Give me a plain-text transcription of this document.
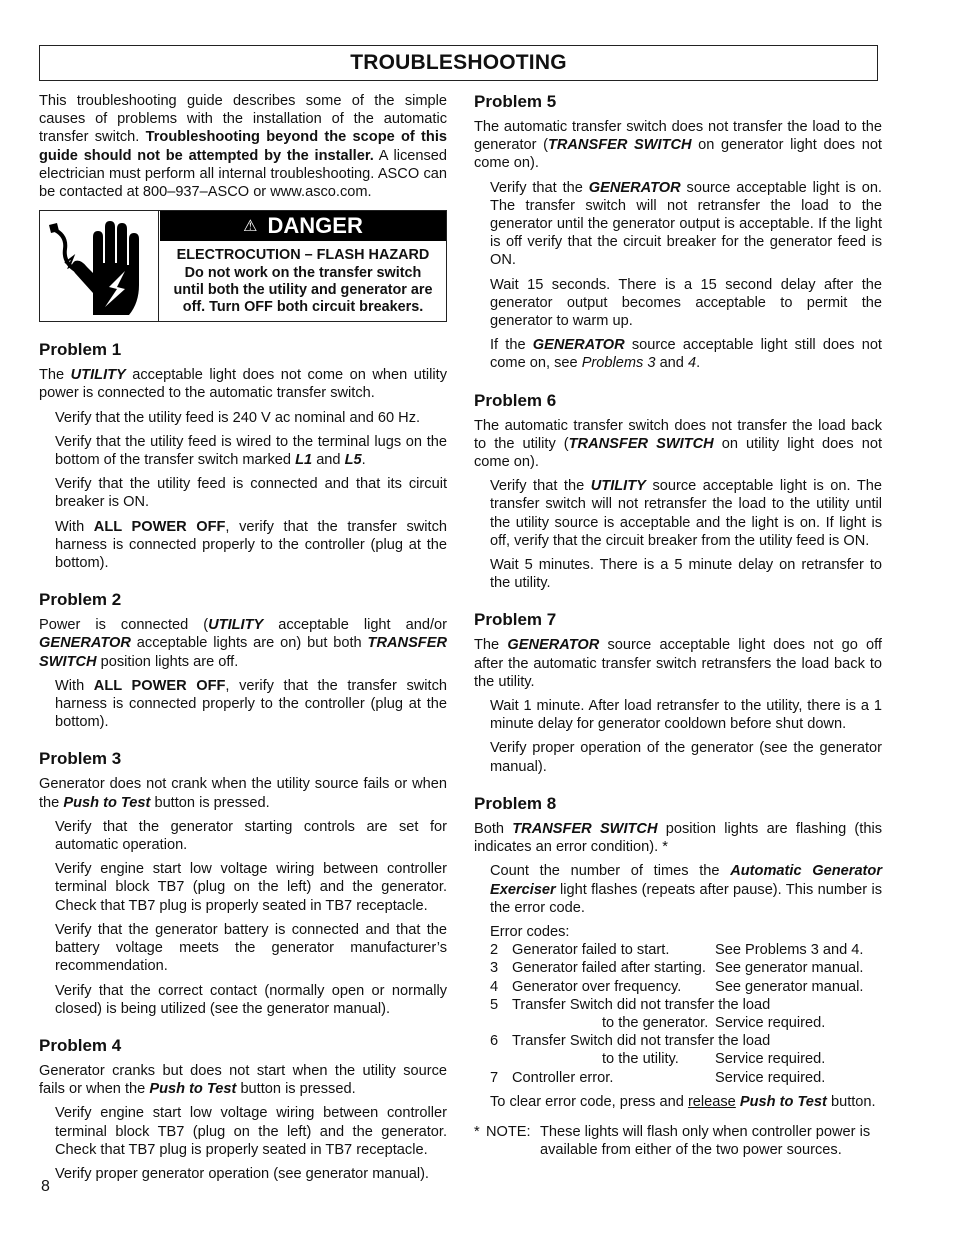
TROUBLESHOOTING

This troubleshooting guide describes some of the simple causes of problems with the installation of the automatic transfer switch. Troubleshooting beyond the scope of this guide should not be attempted by the installer. A licensed electrician must perform all internal troubleshooting. ASCO can be contacted at 800–937–ASCO or www.asco.com.

⚠ DANGER
ELECTROCUTION – FLASH HAZARD
Do not work on the transfer switch
until both the utility and generator are
off. Turn OFF both circuit breakers.
Problem 1

The UTILITY acceptable light does not come on when utility power is connected to the automatic transfer switch.

Verify that the utility feed is 240 V ac nominal and 60 Hz.

Verify that the utility feed is wired to the terminal lugs on the bottom of the transfer switch marked L1 and L5.

Verify that the utility feed is connected and that its circuit breaker is ON.

With ALL POWER OFF, verify that the transfer switch harness is connected properly to the controller (plug at the bottom).

Problem 2

Power is connected (UTILITY acceptable light and/or GENERATOR acceptable lights are on) but both TRANSFER SWITCH position lights are off.

With ALL POWER OFF, verify that the transfer switch harness is connected properly to the controller (plug at the bottom).

Problem 3

Generator does not crank when the utility source fails or when the Push to Test button is pressed.

Verify that the generator starting controls are set for automatic operation.

Verify engine start low voltage wiring between controller terminal block TB7 (plug on the left) and the generator. Check that TB7 plug is properly seated in TB7 receptacle.

Verify that the generator battery is connected and that the battery voltage meets the generator manufacturer’s recommendation.

Verify that the correct contact (normally open or normally closed) is being utilized (see the generator manual).

Problem 4

Generator cranks but does not start when the utility source fails or when the Push to Test button is pressed.

Verify engine start low voltage wiring between controller terminal block TB7 (plug on the left) and the generator. Check that TB7 plug is properly seated in TB7 receptacle.

Verify proper generator operation (see generator manual).

Problem 5

The automatic transfer switch does not transfer the load to the generator (TRANSFER SWITCH on generator light does not come on).

Verify that the GENERATOR source acceptable light is on. The transfer switch will not retransfer the load to the generator until the generator output is acceptable. If the light is off verify that the circuit breaker for the generator feed is ON.

Wait 15 seconds. There is a 15 second delay after the generator output becomes acceptable to permit the generator to warm up.

If the GENERATOR source acceptable light still does not come on, see Problems 3 and 4.

Problem 6

The automatic transfer switch does not transfer the load back to the utility (TRANSFER SWITCH on utility light does not come on).

Verify that the UTILITY source acceptable light is on. The transfer switch will not retransfer the load to the utility until the utility source is acceptable and the light is on. If light is off, verify that the circuit breaker from the utility feed is ON.

Wait 5 minutes. There is a 5 minute delay on retransfer to the utility.

Problem 7

The GENERATOR source acceptable light does not go off after the automatic transfer switch retransfers the load back to the utility.

Wait 1 minute. After load retransfer to the utility, there is a 1 minute delay for generator cooldown before shut down.

Verify proper operation of the generator (see the generator manual).

Problem 8

Both TRANSFER SWITCH position lights are flashing (this indicates an error condition). *

Count the number of times the Automatic Generator Exerciser light flashes (repeats after pause). This number is the error code.

Error codes:
2 Generator failed to start.	See Problems 3 and 4.
3 Generator failed after starting. See generator manual.
4 Generator over frequency.	See generator manual.
5 Transfer Switch did not transfer the load
to the generator. Service required.
6 Transfer Switch did not transfer the load
to the utility.	Service required.
7 Controller error.	Service required.

To clear error code, press and release Push to Test button.

* NOTE: These lights will flash only when controller power is available from either of the two power sources.
8
